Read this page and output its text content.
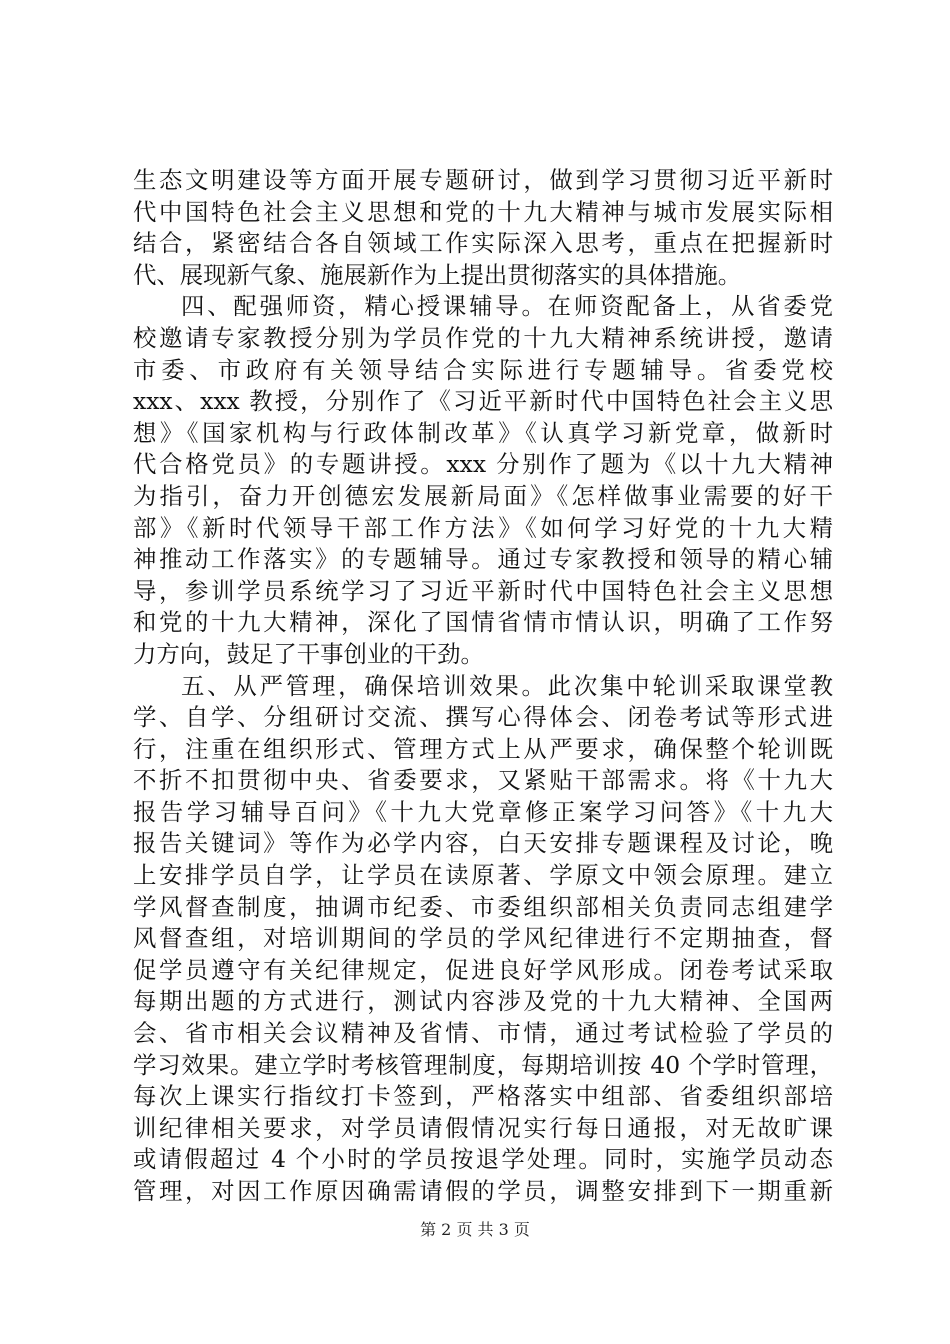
生态文明建设等方面开展专题研讨，做到学习贯彻习近平新时
代中国特色社会主义思想和党的十九大精神与城市发展实际相
结合，紧密结合各自领域工作实际深入思考，重点在把握新时
代、展现新气象、施展新作为上提出贯彻落实的具体措施。
四、配强师资，精心授课辅导。在师资配备上，从省委党
校邀请专家教授分别为学员作党的十九大精神系统讲授，邀请
市委、市政府有关领导结合实际进行专题辅导。省委党校
xxx、xxx 教授，分别作了《习近平新时代中国特色社会主义思
想》《国家机构与行政体制改革》《认真学习新党章，做新时
代合格党员》的专题讲授。xxx 分别作了题为《以十九大精神
为指引，奋力开创德宏发展新局面》《怎样做事业需要的好干
部》《新时代领导干部工作方法》《如何学习好党的十九大精
神推动工作落实》的专题辅导。通过专家教授和领导的精心辅
导，参训学员系统学习了习近平新时代中国特色社会主义思想
和党的十九大精神，深化了国情省情市情认识，明确了工作努
力方向，鼓足了干事创业的干劲。
五、从严管理，确保培训效果。此次集中轮训采取课堂教
学、自学、分组研讨交流、撰写心得体会、闭卷考试等形式进
行，注重在组织形式、管理方式上从严要求，确保整个轮训既
不折不扣贯彻中央、省委要求，又紧贴干部需求。将《十九大
报告学习辅导百问》《十九大党章修正案学习问答》《十九大
报告关键词》等作为必学内容，白天安排专题课程及讨论，晚
上安排学员自学，让学员在读原著、学原文中领会原理。建立
学风督查制度，抽调市纪委、市委组织部相关负责同志组建学
风督查组，对培训期间的学员的学风纪律进行不定期抽查，督
促学员遵守有关纪律规定，促进良好学风形成。闭卷考试采取
每期出题的方式进行，测试内容涉及党的十九大精神、全国两
会、省市相关会议精神及省情、市情，通过考试检验了学员的
学习效果。建立学时考核管理制度，每期培训按 40 个学时管理，
每次上课实行指纹打卡签到，严格落实中组部、省委组织部培
训纪律相关要求，对学员请假情况实行每日通报，对无故旷课
或请假超过 4 个小时的学员按退学处理。同时，实施学员动态
管理，对因工作原因确需请假的学员，调整安排到下一期重新
第 2 页 共 3 页
